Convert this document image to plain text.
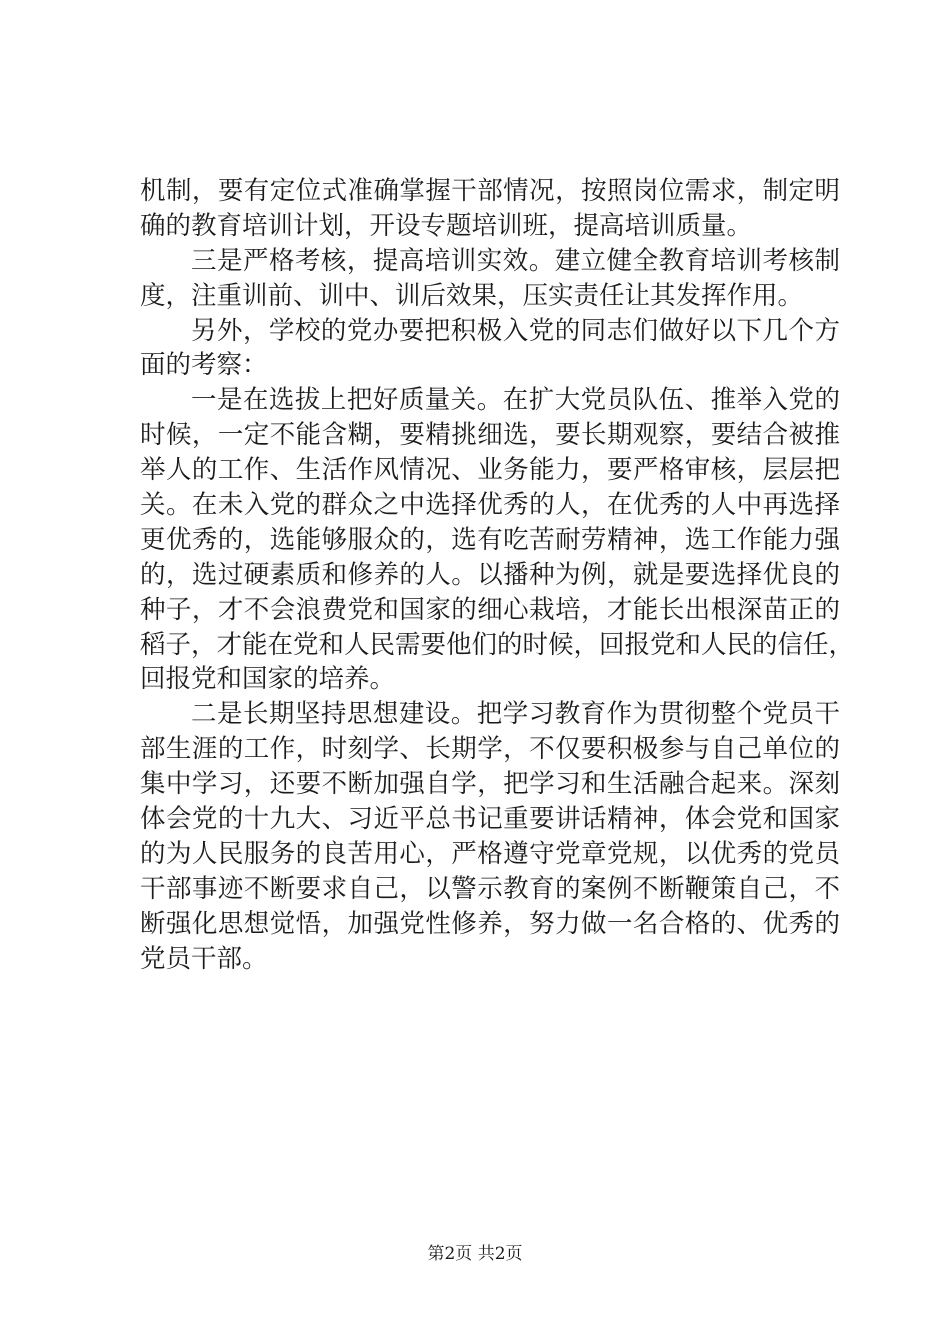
机制，要有定位式准确掌握干部情况，按照岗位需求，制定明
确的教育培训计划，开设专题培训班，提高培训质量。
三是严格考核，提高培训实效。建立健全教育培训考核制
度，注重训前、训中、训后效果，压实责任让其发挥作用。
另外，学校的党办要把积极入党的同志们做好以下几个方
面的考察：
一是在选拔上把好质量关。在扩大党员队伍、推举入党的
时候，一定不能含糊，要精挑细选，要长期观察，要结合被推
举人的工作、生活作风情况、业务能力，要严格审核，层层把
关。在未入党的群众之中选择优秀的人，在优秀的人中再选择
更优秀的，选能够服众的，选有吃苦耐劳精神，选工作能力强
的，选过硬素质和修养的人。以播种为例，就是要选择优良的
种子，才不会浪费党和国家的细心栽培，才能长出根深苗正的
稻子，才能在党和人民需要他们的时候，回报党和人民的信任，
回报党和国家的培养。
二是长期坚持思想建设。把学习教育作为贯彻整个党员干
部生涯的工作，时刻学、长期学，不仅要积极参与自己单位的
集中学习，还要不断加强自学，把学习和生活融合起来。深刻
体会党的十九大、习近平总书记重要讲话精神，体会党和国家
的为人民服务的良苦用心，严格遵守党章党规，以优秀的党员
干部事迹不断要求自己，以警示教育的案例不断鞭策自己，不
断强化思想觉悟，加强党性修养，努力做一名合格的、优秀的
党员干部。
第2页 共2页
